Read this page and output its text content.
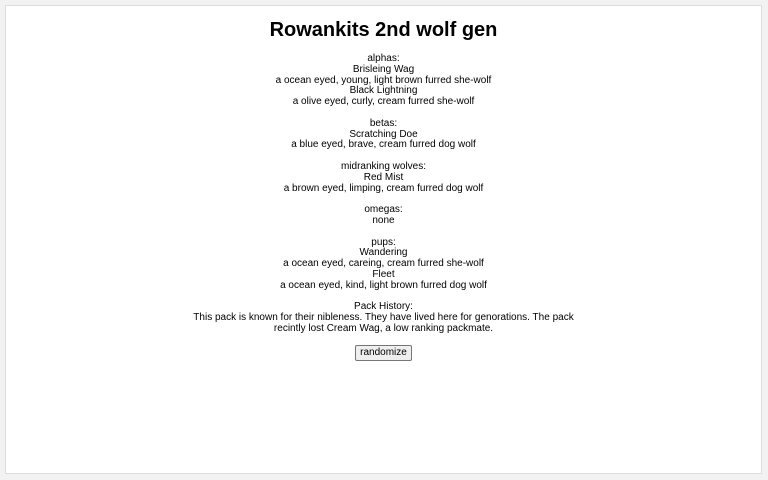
Rowankits 2nd wolf gen
alphas:
Brisleing Wag
a ocean eyed, young, light brown furred she-wolf
Black Lightning
a olive eyed, curly, cream furred she-wolf
betas:
Scratching Doe
a blue eyed, brave, cream furred dog wolf
midranking wolves:
Red Mist
a brown eyed, limping, cream furred dog wolf
omegas:
none
pups:
Wandering
a ocean eyed, careing, cream furred she-wolf
Fleet
a ocean eyed, kind, light brown furred dog wolf
Pack History:
This pack is known for their nibleness. They have lived here for genorations. The pack recintly lost Cream Wag, a low ranking packmate.
randomize
